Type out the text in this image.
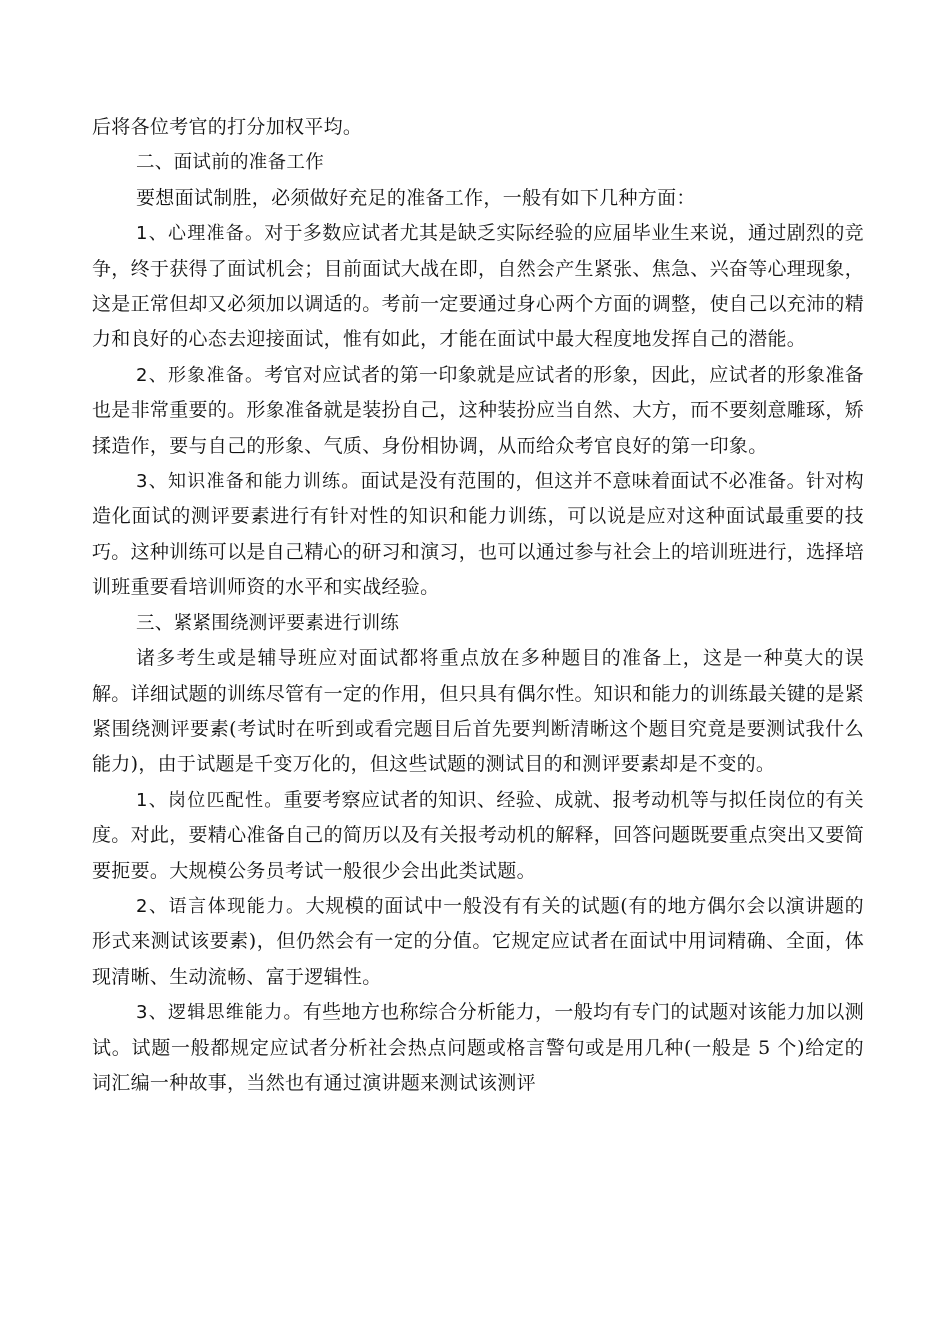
后将各位考官的打分加权平均。

二、面试前的准备工作

要想面试制胜，必须做好充足的准备工作，一般有如下几种方面：

1、心理准备。对于多数应试者尤其是缺乏实际经验的应届毕业生来说，通过剧烈的竞争，终于获得了面试机会；目前面试大战在即，自然会产生紧张、焦急、兴奋等心理现象，这是正常但却又必须加以调适的。考前一定要通过身心两个方面的调整，使自己以充沛的精力和良好的心态去迎接面试，惟有如此，才能在面试中最大程度地发挥自己的潜能。

2、形象准备。考官对应试者的第一印象就是应试者的形象，因此，应试者的形象准备也是非常重要的。形象准备就是装扮自己，这种装扮应当自然、大方，而不要刻意雕琢，矫揉造作，要与自己的形象、气质、身份相协调，从而给众考官良好的第一印象。

3、知识准备和能力训练。面试是没有范围的，但这并不意味着面试不必准备。针对构造化面试的测评要素进行有针对性的知识和能力训练，可以说是应对这种面试最重要的技巧。这种训练可以是自己精心的研习和演习，也可以通过参与社会上的培训班进行，选择培训班重要看培训师资的水平和实战经验。

三、紧紧围绕测评要素进行训练

诸多考生或是辅导班应对面试都将重点放在多种题目的准备上，这是一种莫大的误解。详细试题的训练尽管有一定的作用，但只具有偶尔性。知识和能力的训练最关键的是紧紧围绕测评要素(考试时在听到或看完题目后首先要判断清晰这个题目究竟是要测试我什么能力)，由于试题是千变万化的，但这些试题的测试目的和测评要素却是不变的。

1、岗位匹配性。重要考察应试者的知识、经验、成就、报考动机等与拟任岗位的有关度。对此，要精心准备自己的简历以及有关报考动机的解释，回答问题既要重点突出又要简要扼要。大规模公务员考试一般很少会出此类试题。

2、语言体现能力。大规模的面试中一般没有有关的试题(有的地方偶尔会以演讲题的形式来测试该要素)，但仍然会有一定的分值。它规定应试者在面试中用词精确、全面，体现清晰、生动流畅、富于逻辑性。

3、逻辑思维能力。有些地方也称综合分析能力，一般均有专门的试题对该能力加以测试。试题一般都规定应试者分析社会热点问题或格言警句或是用几种(一般是 5 个)给定的词汇编一种故事，当然也有通过演讲题来测试该测评
